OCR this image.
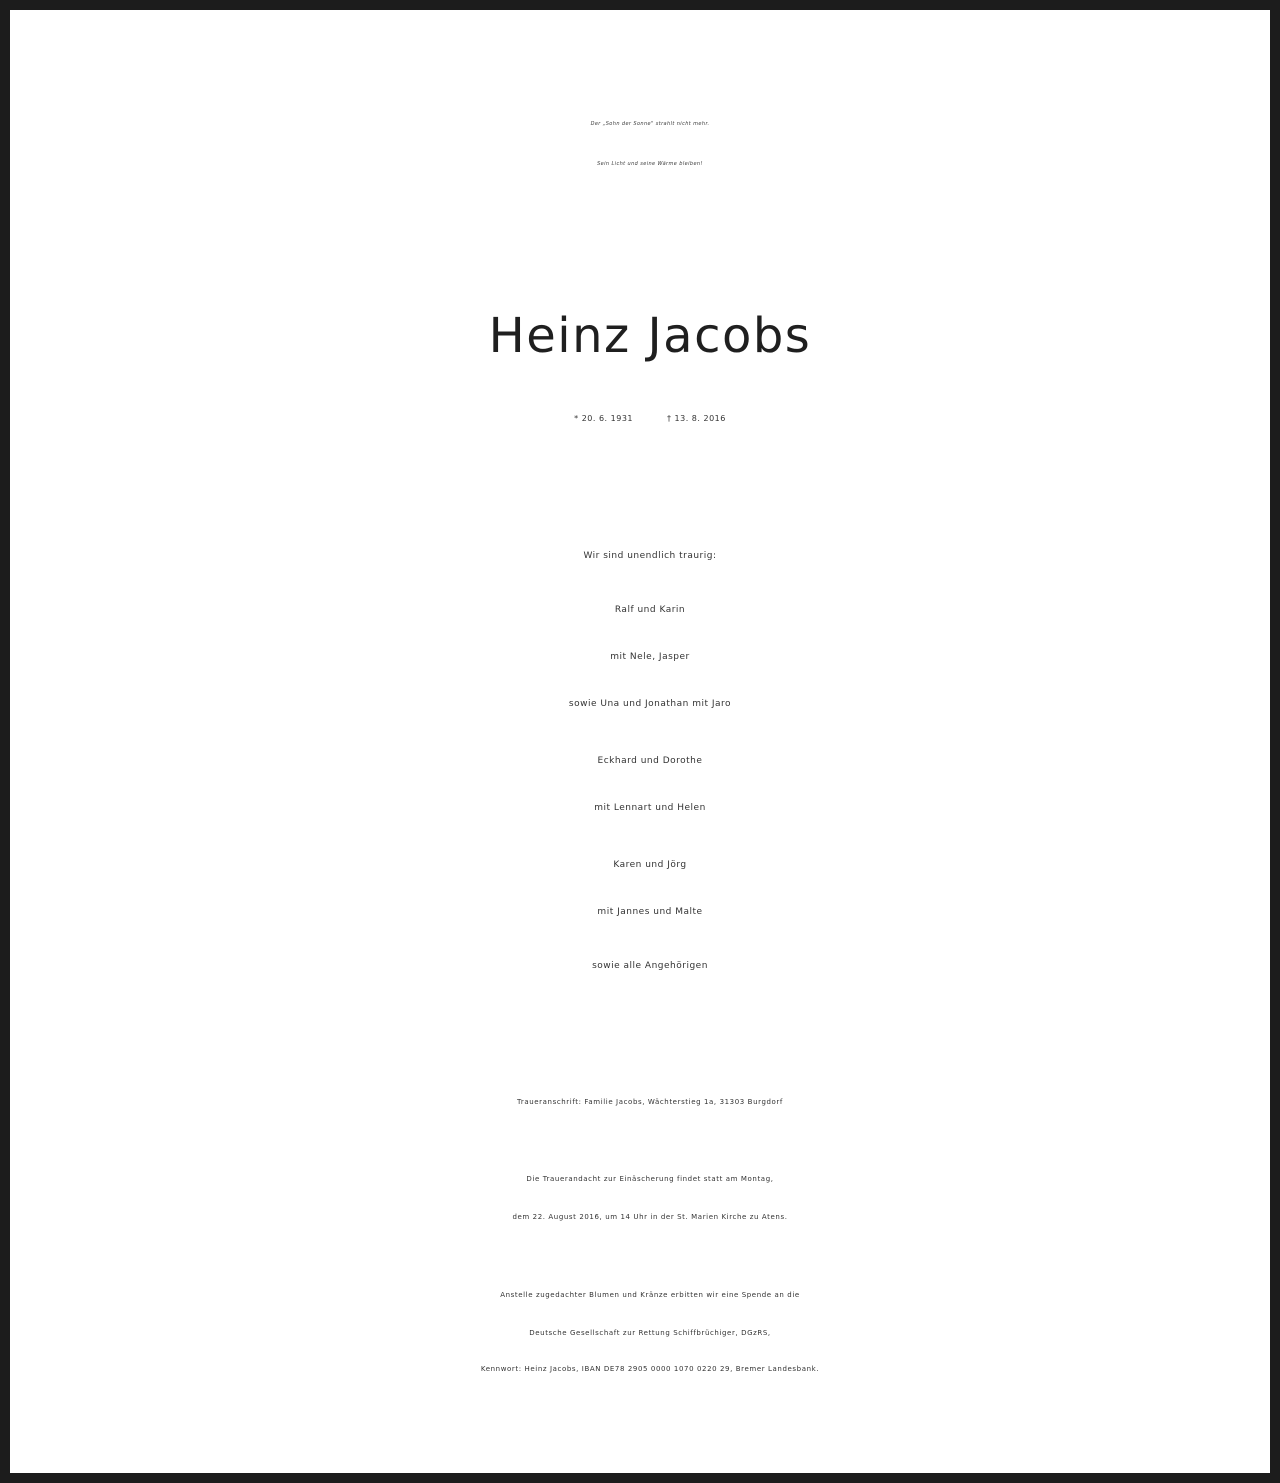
Der „Sohn der Sonne" strahlt nicht mehr.
Sein Licht und seine Wärme bleiben!
Heinz Jacobs
* 20. 6. 1931	† 13. 8. 2016
Wir sind unendlich traurig:
Ralf und Karin
mit Nele, Jasper
sowie Una und Jonathan mit Jaro
Eckhard und Dorothe
mit Lennart und Helen
Karen und Jörg
mit Jannes und Malte
sowie alle Angehörigen
Traueranschrift: Familie Jacobs, Wächterstieg 1a, 31303 Burgdorf
Die Trauerandacht zur Einäscherung findet statt am Montag,
dem 22. August 2016, um 14 Uhr in der St. Marien Kirche zu Atens.
Anstelle zugedachter Blumen und Kränze erbitten wir eine Spende an die
Deutsche Gesellschaft zur Rettung Schiffbrüchiger, DGzRS,
Kennwort: Heinz Jacobs, IBAN DE78 2905 0000 1070 0220 29, Bremer Landesbank.
